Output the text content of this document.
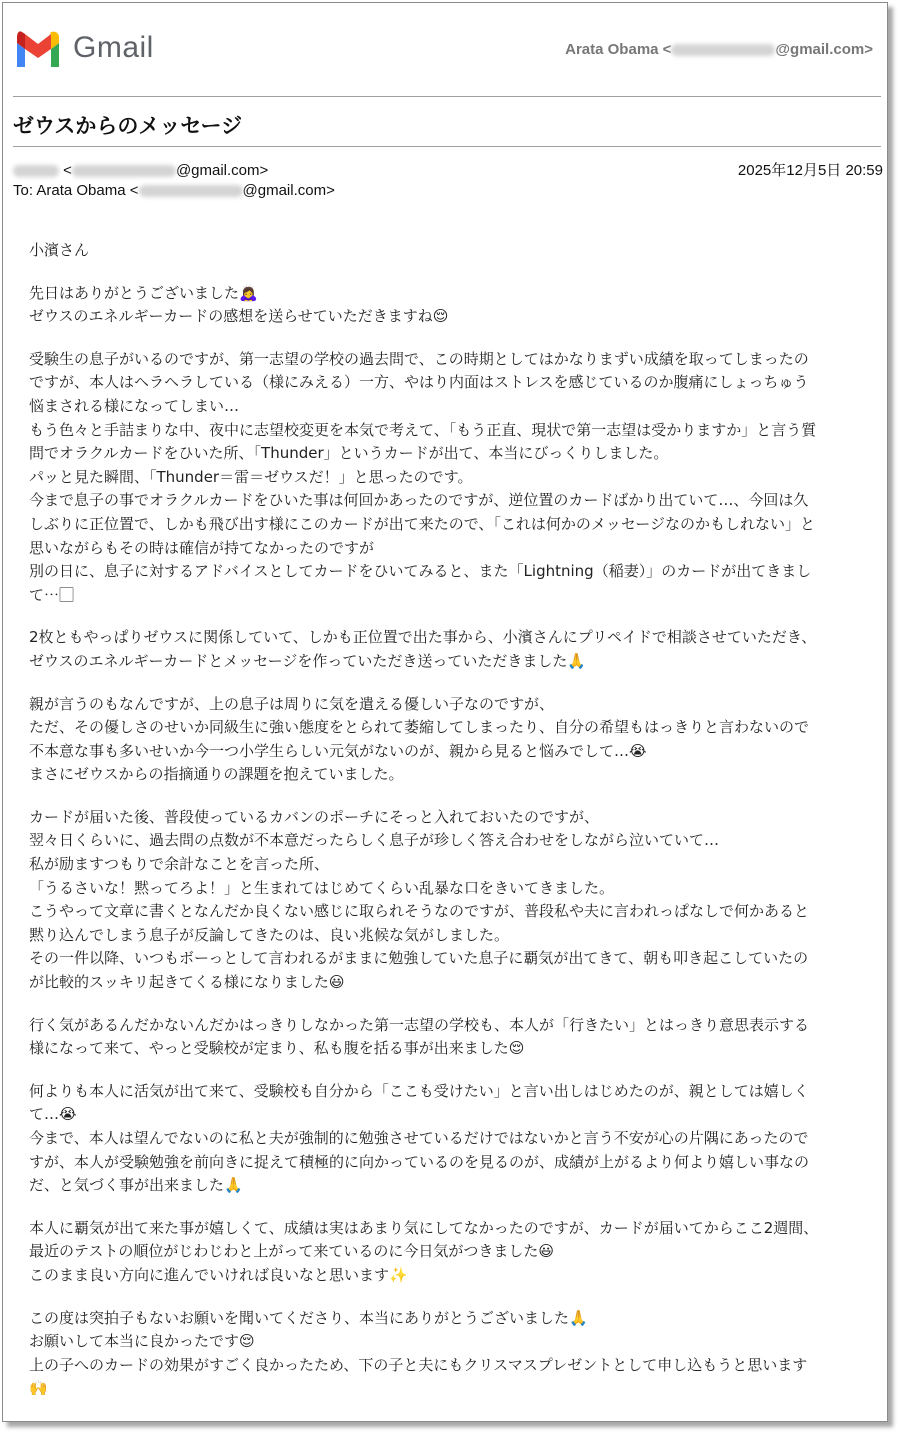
Gmail	Arata Obama <	@gmail.com>
ゼウスからのメッセージ
<	@gmail.com>
To: Arata Obama <	@gmail.com>
2025年12月5日 20:59
小濱さん
先日はありがとうございました🙇‍♀️
ゼウスのエネルギーカードの感想を送らせていただきますね😌
受験生の息子がいるのですが、第一志望の学校の過去問で、この時期としてはかなりまずい成績を取ってしまったの
ですが、本人はヘラヘラしている（様にみえる）一方、やはり内面はストレスを感じているのか腹痛にしょっちゅう
悩まされる様になってしまい…
もう色々と手詰まりな中、夜中に志望校変更を本気で考えて、「もう正直、現状で第一志望は受かりますか」と言う質
問でオラクルカードをひいた所、「Thunder」というカードが出て、本当にびっくりしました。
パッと見た瞬間、「Thunder＝雷＝ゼウスだ！」と思ったのです。
今まで息子の事でオラクルカードをひいた事は何回かあったのですが、逆位置のカードばかり出ていて…、今回は久
しぶりに正位置で、しかも飛び出す様にこのカードが出て来たので、「これは何かのメッセージなのかもしれない」と
思いながらもその時は確信が持てなかったのですが
別の日に、息子に対するアドバイスとしてカードをひいてみると、また「Lightning（稲妻）」のカードが出てきまし
て…⃞
2枚ともやっぱりゼウスに関係していて、しかも正位置で出た事から、小濱さんにプリペイドで相談させていただき、
ゼウスのエネルギーカードとメッセージを作っていただき送っていただきました🙏
親が言うのもなんですが、上の息子は周りに気を遣える優しい子なのですが、
ただ、その優しさのせいか同級生に強い態度をとられて萎縮してしまったり、自分の希望もはっきりと言わないので
不本意な事も多いせいか今一つ小学生らしい元気がないのが、親から見ると悩みでして…😭
まさにゼウスからの指摘通りの課題を抱えていました。
カードが届いた後、普段使っているカバンのポーチにそっと入れておいたのですが、
翌々日くらいに、過去問の点数が不本意だったらしく息子が珍しく答え合わせをしながら泣いていて…
私が励ますつもりで余計なことを言った所、
「うるさいな！黙ってろよ！」と生まれてはじめてくらい乱暴な口をきいてきました。
こうやって文章に書くとなんだか良くない感じに取られそうなのですが、普段私や夫に言われっぱなしで何かあると
黙り込んでしまう息子が反論してきたのは、良い兆候な気がしました。
その一件以降、いつもボーっとして言われるがままに勉強していた息子に覇気が出てきて、朝も叩き起こしていたの
が比較的スッキリ起きてくる様になりました😃
行く気があるんだかないんだかはっきりしなかった第一志望の学校も、本人が「行きたい」とはっきり意思表示する
様になって来て、やっと受験校が定まり、私も腹を括る事が出来ました😌
何よりも本人に活気が出て来て、受験校も自分から「ここも受けたい」と言い出しはじめたのが、親としては嬉しく
て…😭
今まで、本人は望んでないのに私と夫が強制的に勉強させているだけではないかと言う不安が心の片隅にあったので
すが、本人が受験勉強を前向きに捉えて積極的に向かっているのを見るのが、成績が上がるより何より嬉しい事なの
だ、と気づく事が出来ました🙏
本人に覇気が出て来た事が嬉しくて、成績は実はあまり気にしてなかったのですが、カードが届いてからここ2週間、
最近のテストの順位がじわじわと上がって来ているのに今日気がつきました😃
このまま良い方向に進んでいければ良いなと思います✨
この度は突拍子もないお願いを聞いてくださり、本当にありがとうございました🙏
お願いして本当に良かったです😌
上の子へのカードの効果がすごく良かったため、下の子と夫にもクリスマスプレゼントとして申し込もうと思います
🙌
